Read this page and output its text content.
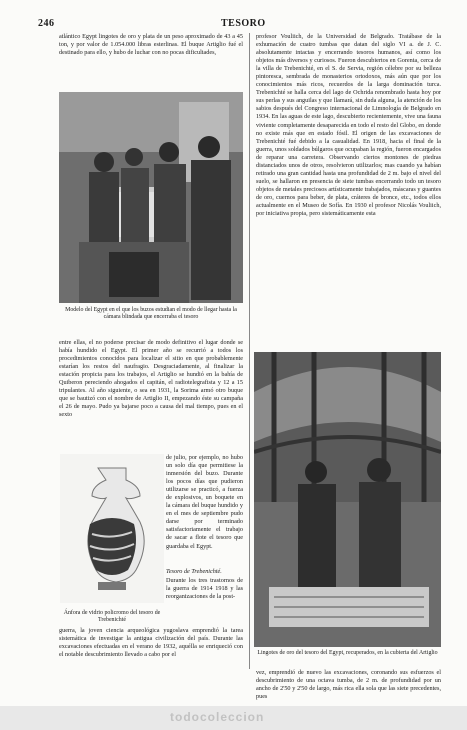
246	TESORO
atlántico Egypt lingotes de oro y plata de un peso aproximado de 43 a 45 ton, y por valor de 1.054.000 libras esterlinas. El buque Artiglio fué el destinado para ello, y hubo de luchar con no pocas dificultades,
Modelo del Egypt en el que los buzos estudian el modo de llegar hasta la cámara blindada que encerraba el tesoro
entre ellas, el no poderse precisar de modo definitivo el lugar donde se había hundido el Egypt. El primer año se recurrió a todos los procedimientos conocidos para localizar el sitio en que probablemente estarían los restos del naufragio. Desgraciadamente, al finalizar la estación propicia para los trabajos, el Artiglio se hundió en la bahía de Quiberon pereciendo ahogados el capitán, el radiotelegrafista y 12 a 15 tripulantes. Al año siguiente, o sea en 1931, la Sorima armó otro buque que se bautizó con el nombre de Artiglio II, empezando éste su campaña el 26 de mayo. Pudo ya bajarse poco a causa del mal tiempo, pues en el sexto
de julio, por ejemplo, no hubo un solo día que permitiese la inmersión del buzo. Durante los pocos días que pudieron utilizarse se practicó, a fuerza de explosivos, un boquete en la cámara del buque hundido y en el mes de septiembre pudo darse por terminado satisfactoriamente el trabajo de sacar a flote el tesoro que guardaba el Egypt.
Tesoro de Trebenichté.
Durante los tres trastornos de la guerra de 1914 1918 y las reorganizaciones de la post-
Ánfora de vidrio policromo del tesoro de Trebenichté
guerra, la joven ciencia arqueológica yugoslava emprendió la tarea sistemática de investigar la antigua civilización del país. Durante las excavaciones efectuadas en el verano de 1932, aquélla se enriqueció con el notable descubrimiento llevado a cabo por el
profesor Vouliich, de la Universidad de Belgrado. Tratábase de la exhumación de cuatro tumbas que datan del siglo VI a. de J. C. absolutamente intactas y encerrando tesoros humanos, así como los objetos más diversos y curiosos. Fueron descubiertos en Gorenta, cerca de la villa de Trebenichté, en el S. de Servia, región célebre por su belleza pintoresca, sembrada de monasterios ortodoxos, más aún que por los conocimientos más ricos, recuerdos de la larga dominación turca. Trebenichté se halla cerca del lago de Ochrida renombrado hasta hoy por sus perlas y sus anguilas y que llamará, sin duda alguna, la atención de los sabios después del Congreso internacional de Limnología de Belgrado en 1934. En las aguas de este lago, descubierto recientemente, vive una fauna viviente completamente desaparecida en todo el resto del Globo, en donde no existe más que en estado fósil. El origen de las excavaciones de Trebenichté fué debido a la casualidad. En 1918, hacia el final de la guerra, unos soldados búlgaros que ocupaban la región, fueron encargados de reparar una carretera. Observando ciertos montones de piedras distanciados unos de otros, resolvieron utilizarlos; mas cuando ya habían retirado una gran cantidad hasta una profundidad de 2 m. bajo el nivel del suelo, se hallaron en presencia de siete tumbas encerrando todo un tesoro objetos de metales preciosos artísticamente trabajados, máscaras y guantes de oro, cuernos para beber, de plata, cráteres de bronce, etc., todos ellos actualmente en el Museo de Sofía. En 1930 el profesor Nicolás Vouliich, por iniciativa propia, pero sistemáticamente esta
Lingotes de oro del tesoro del Egypt, recuperados, en la cubierta del Artiglio
vez, emprendió de nuevo las excavaciones, coronando sus esfuerzos el descubrimiento de una octava tumba, de 2 m. de profundidad por un ancho de 2'50 y 2'50 de largo, más rica ella sola que las siete precedentes, pues
todocoleccion
